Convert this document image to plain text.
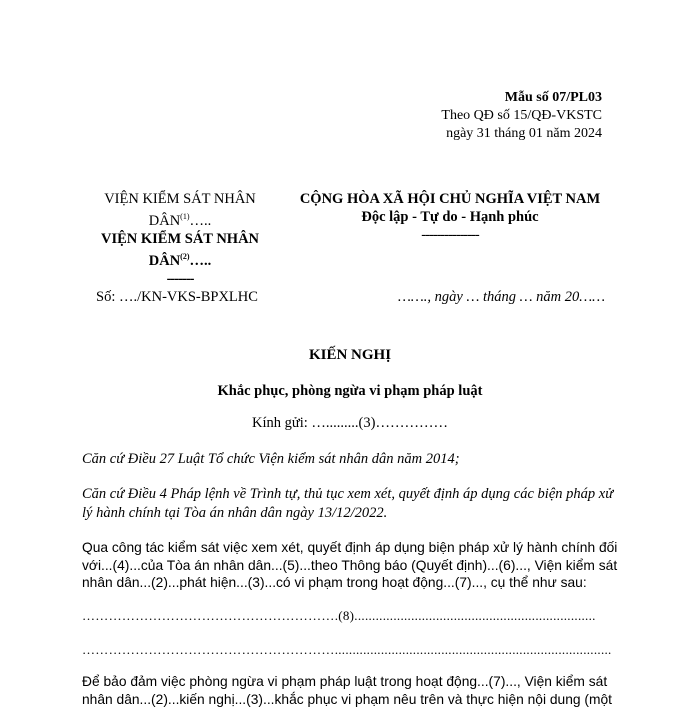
Mẫu số 07/PL03
Theo QĐ số 15/QĐ-VKSTC
ngày 31 tháng 01 năm 2024
VIỆN KIỂM SÁT NHÂN
DÂN$^{(1)}$…..
VIỆN KIỂM SÁT NHÂN
DÂN$^{(2)}$…..
-------
CỘNG HÒA XÃ HỘI CHỦ NGHĨA VIỆT NAM
Độc lập - Tự do - Hạnh phúc
---------------
Số: …./KN-VKS-BPXLHC	……., ngày … tháng … năm 20……
KIẾN NGHỊ
Khắc phục, phòng ngừa vi phạm pháp luật
Kính gửi: ….........(3)……………
Căn cứ Điều 27 Luật Tổ chức Viện kiểm sát nhân dân năm 2014;
Căn cứ Điều 4 Pháp lệnh về Trình tự, thủ tục xem xét, quyết định áp dụng các biện pháp xử lý hành chính tại Tòa án nhân dân ngày 13/12/2022.
Qua công tác kiểm sát việc xem xét, quyết định áp dụng biện pháp xử lý hành chính đối với...(4)...của Tòa án nhân dân...(5)...theo Thông báo (Quyết định)...(6)..., Viện kiểm sát nhân dân...(2)...phát hiện...(3)...có vi phạm trong hoạt động...(7)..., cụ thể như sau:
………………………………………………….(8)....................................................................
…………………………………………………..............................................................................
Để bảo đảm việc phòng ngừa vi phạm pháp luật trong hoạt động...(7)..., Viện kiểm sát nhân dân...(2)...kiến nghị...(3)...khắc phục vi phạm nêu trên và thực hiện nội dung (một
